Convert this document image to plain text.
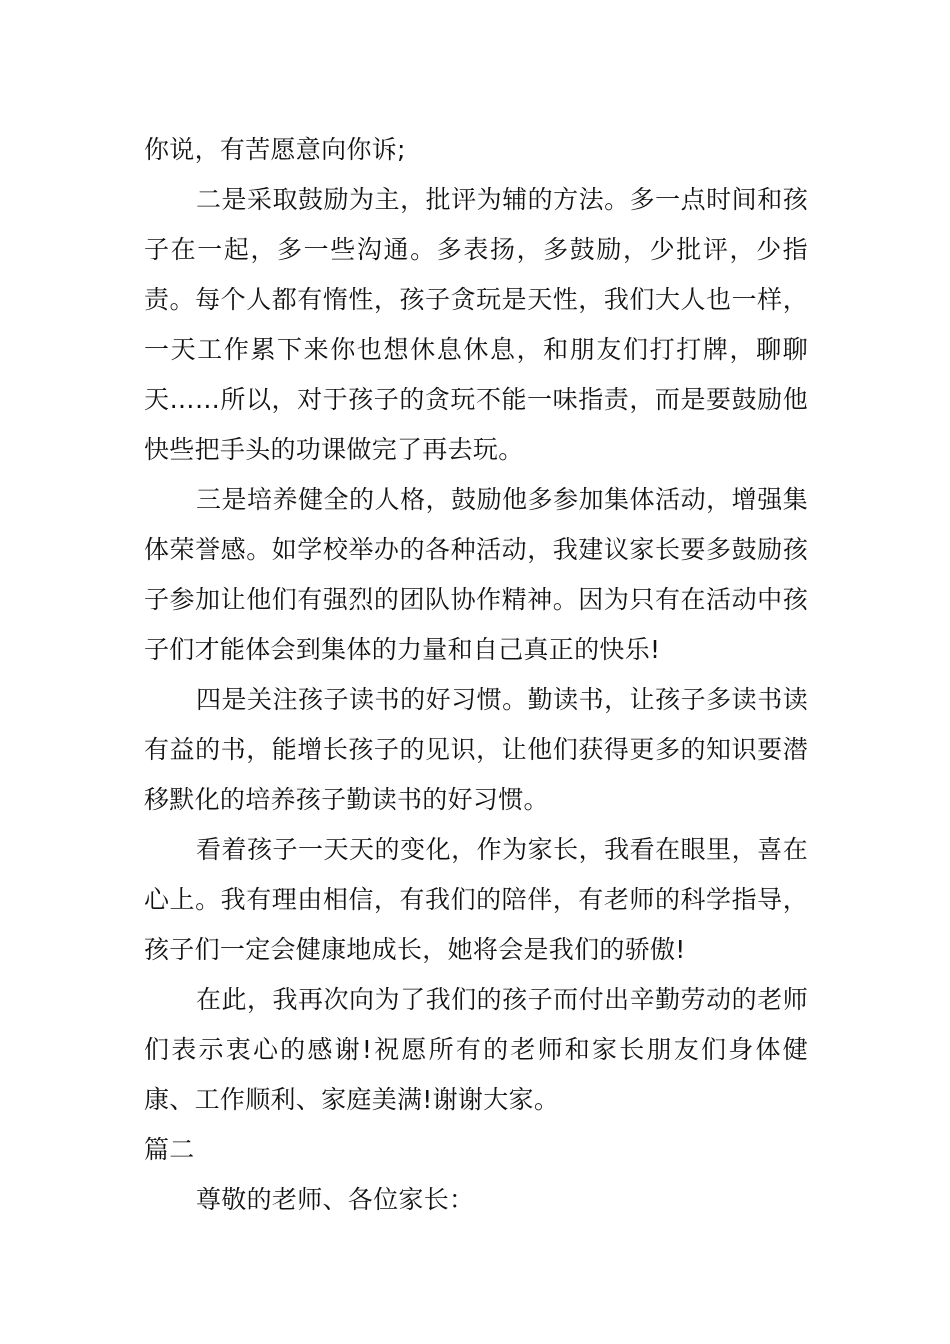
你说，有苦愿意向你诉;

二是采取鼓励为主，批评为辅的方法。多一点时间和孩子在一起，多一些沟通。多表扬，多鼓励，少批评，少指责。每个人都有惰性，孩子贪玩是天性，我们大人也一样，一天工作累下来你也想休息休息，和朋友们打打牌，聊聊天……所以，对于孩子的贪玩不能一味指责，而是要鼓励他快些把手头的功课做完了再去玩。

三是培养健全的人格，鼓励他多参加集体活动，增强集体荣誉感。如学校举办的各种活动，我建议家长要多鼓励孩子参加让他们有强烈的团队协作精神。因为只有在活动中孩子们才能体会到集体的力量和自己真正的快乐!

四是关注孩子读书的好习惯。勤读书，让孩子多读书读有益的书，能增长孩子的见识，让他们获得更多的知识要潜移默化的培养孩子勤读书的好习惯。

看着孩子一天天的变化，作为家长，我看在眼里，喜在心上。我有理由相信，有我们的陪伴，有老师的科学指导，孩子们一定会健康地成长，她将会是我们的骄傲!

在此，我再次向为了我们的孩子而付出辛勤劳动的老师们表示衷心的感谢!祝愿所有的老师和家长朋友们身体健康、工作顺利、家庭美满!谢谢大家。

篇二

尊敬的老师、各位家长：
